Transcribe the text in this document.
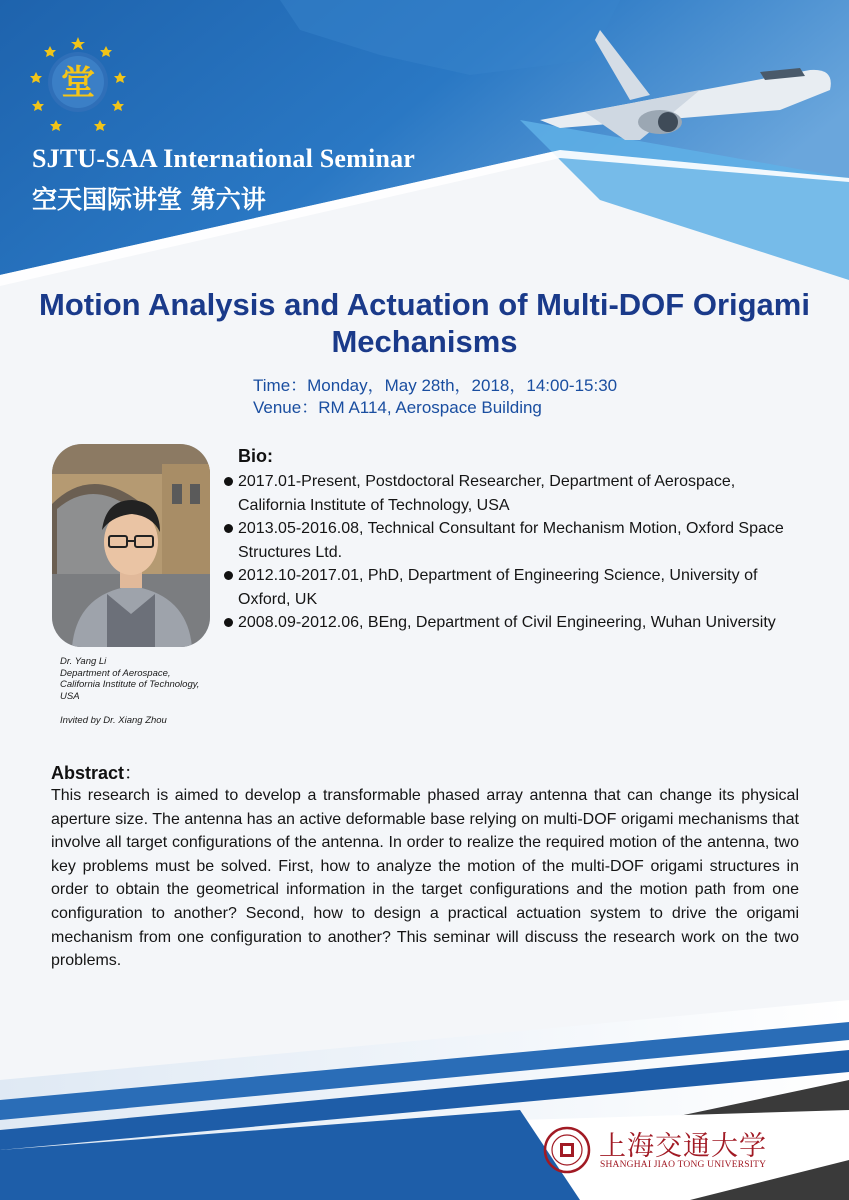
堂
SJTU-SAA International Seminar
空天国际讲堂 第六讲
Motion Analysis and Actuation of Multi-DOF Origami Mechanisms
Time：Monday，May 28th，2018，14:00-15:30
Venue：RM A114, Aerospace Building
Dr. Yang Li
Department of Aerospace,
California Institute of Technology,
USA
Invited by Dr. Xiang Zhou
Bio:
2017.01-Present, Postdoctoral Researcher, Department of Aerospace, California Institute of Technology, USA
2013.05-2016.08, Technical Consultant for Mechanism Motion, Oxford Space Structures Ltd.
2012.10-2017.01, PhD, Department of Engineering Science, University of Oxford, UK
2008.09-2012.06, BEng, Department of Civil Engineering, Wuhan University
Abstract：

This research is aimed to develop a transformable phased array antenna that can change its physical aperture size. The antenna has an active deformable base relying on multi-DOF origami mechanisms that involve all target configurations of the antenna. In order to realize the required motion of the antenna, two key problems must be solved. First, how to analyze the motion of the multi-DOF origami structures in order to obtain the geometrical information in the target configurations and the motion path from one configuration to another? Second, how to design a practical actuation system to drive the origami mechanism from one configuration to another? This seminar will discuss the research work on the two problems.

上海交通大学
SHANGHAI JIAO TONG UNIVERSITY
